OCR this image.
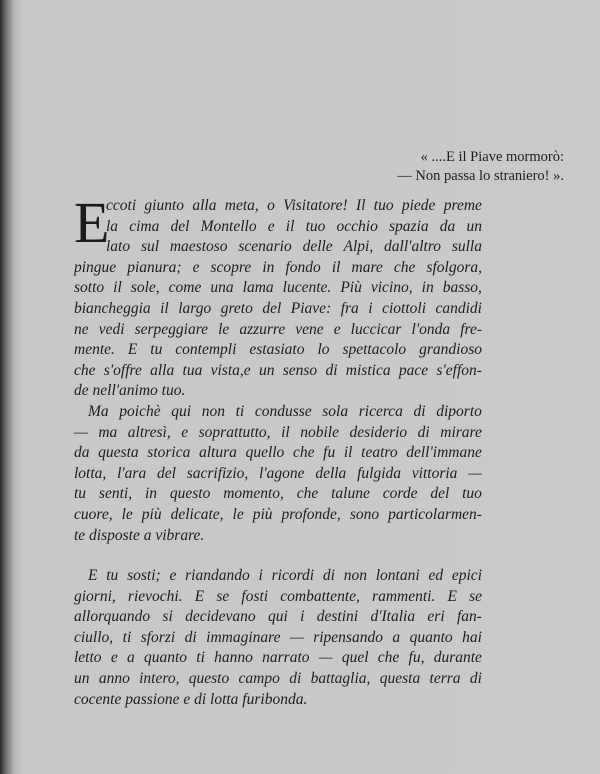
« ....E il Piave mormorò:
— Non passa lo straniero! ».
E
ccoti giunto alla meta, o Visitatore! Il tuo piede preme
la cima del Montello e il tuo occhio spazia da un
lato sul maestoso scenario delle Alpi, dall'altro sulla
pingue pianura; e scopre in fondo il mare che sfolgora,
sotto il sole, come una lama lucente. Più vicino, in basso,
biancheggia il largo greto del Piave: fra i ciottoli candidi
ne vedi serpeggiare le azzurre vene e luccicar l'onda fre-
mente. E tu contempli estasiato lo spettacolo grandioso
che s'offre alla tua vista,e un senso di mistica pace s'effon-
de nell'animo tuo.
Ma poichè qui non ti condusse sola ricerca di diporto
— ma altresì, e soprattutto, il nobile desiderio di mirare
da questa storica altura quello che fu il teatro dell'immane
lotta, l'ara del sacrifizio, l'agone della fulgida vittoria —
tu senti, in questo momento, che talune corde del tuo
cuore, le più delicate, le più profonde, sono particolarmen-
te disposte a vibrare.
E tu sosti; e riandando i ricordi di non lontani ed epici
giorni, rievochi. E se fosti combattente, rammenti. E se
allorquando si decidevano qui i destini d'Italia eri fan-
ciullo, ti sforzi di immaginare — ripensando a quanto hai
letto e a quanto ti hanno narrato — quel che fu, durante
un anno intero, questo campo di battaglia, questa terra di
cocente passione e di lotta furibonda.
